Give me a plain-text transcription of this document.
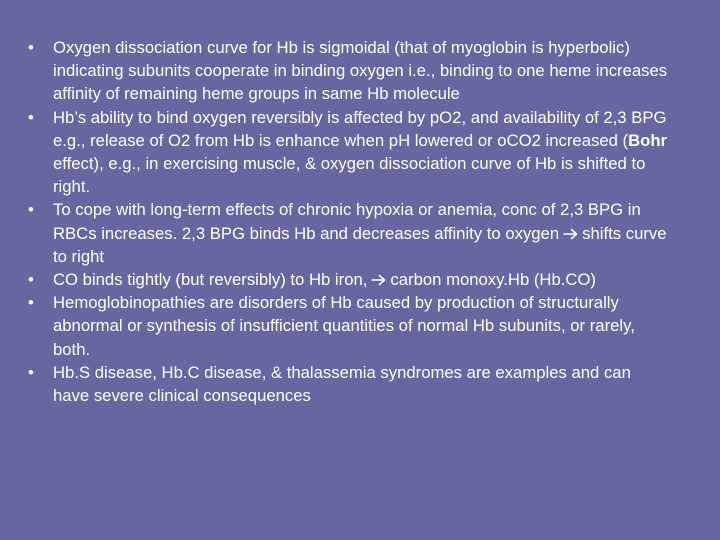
•	Oxygen dissociation curve for Hb is sigmoidal (that of myoglobin is hyperbolic) indicating subunits cooperate in binding oxygen i.e., binding to one heme increases affinity of remaining heme groups in same Hb molecule
•	Hb’s ability to bind oxygen reversibly is affected by pO2, and availability of 2,3 BPG e.g., release of O2 from Hb is enhance when pH lowered or oCO2 increased (Bohr effect), e.g., in exercising muscle, & oxygen dissociation curve of Hb is shifted to right.
•	To cope with long-term effects of chronic hypoxia or anemia, conc of 2,3 BPG in RBCs increases. 2,3 BPG binds Hb and decreases affinity to oxygen shifts curve to right
•	CO binds tightly (but reversibly) to Hb iron, carbon monoxy.Hb (Hb.CO)
•	Hemoglobinopathies are disorders of Hb caused by production of structurally abnormal or synthesis of insufficient quantities of normal Hb subunits, or rarely, both.
•	Hb.S disease, Hb.C disease, & thalassemia syndromes are examples and can have severe clinical consequences
